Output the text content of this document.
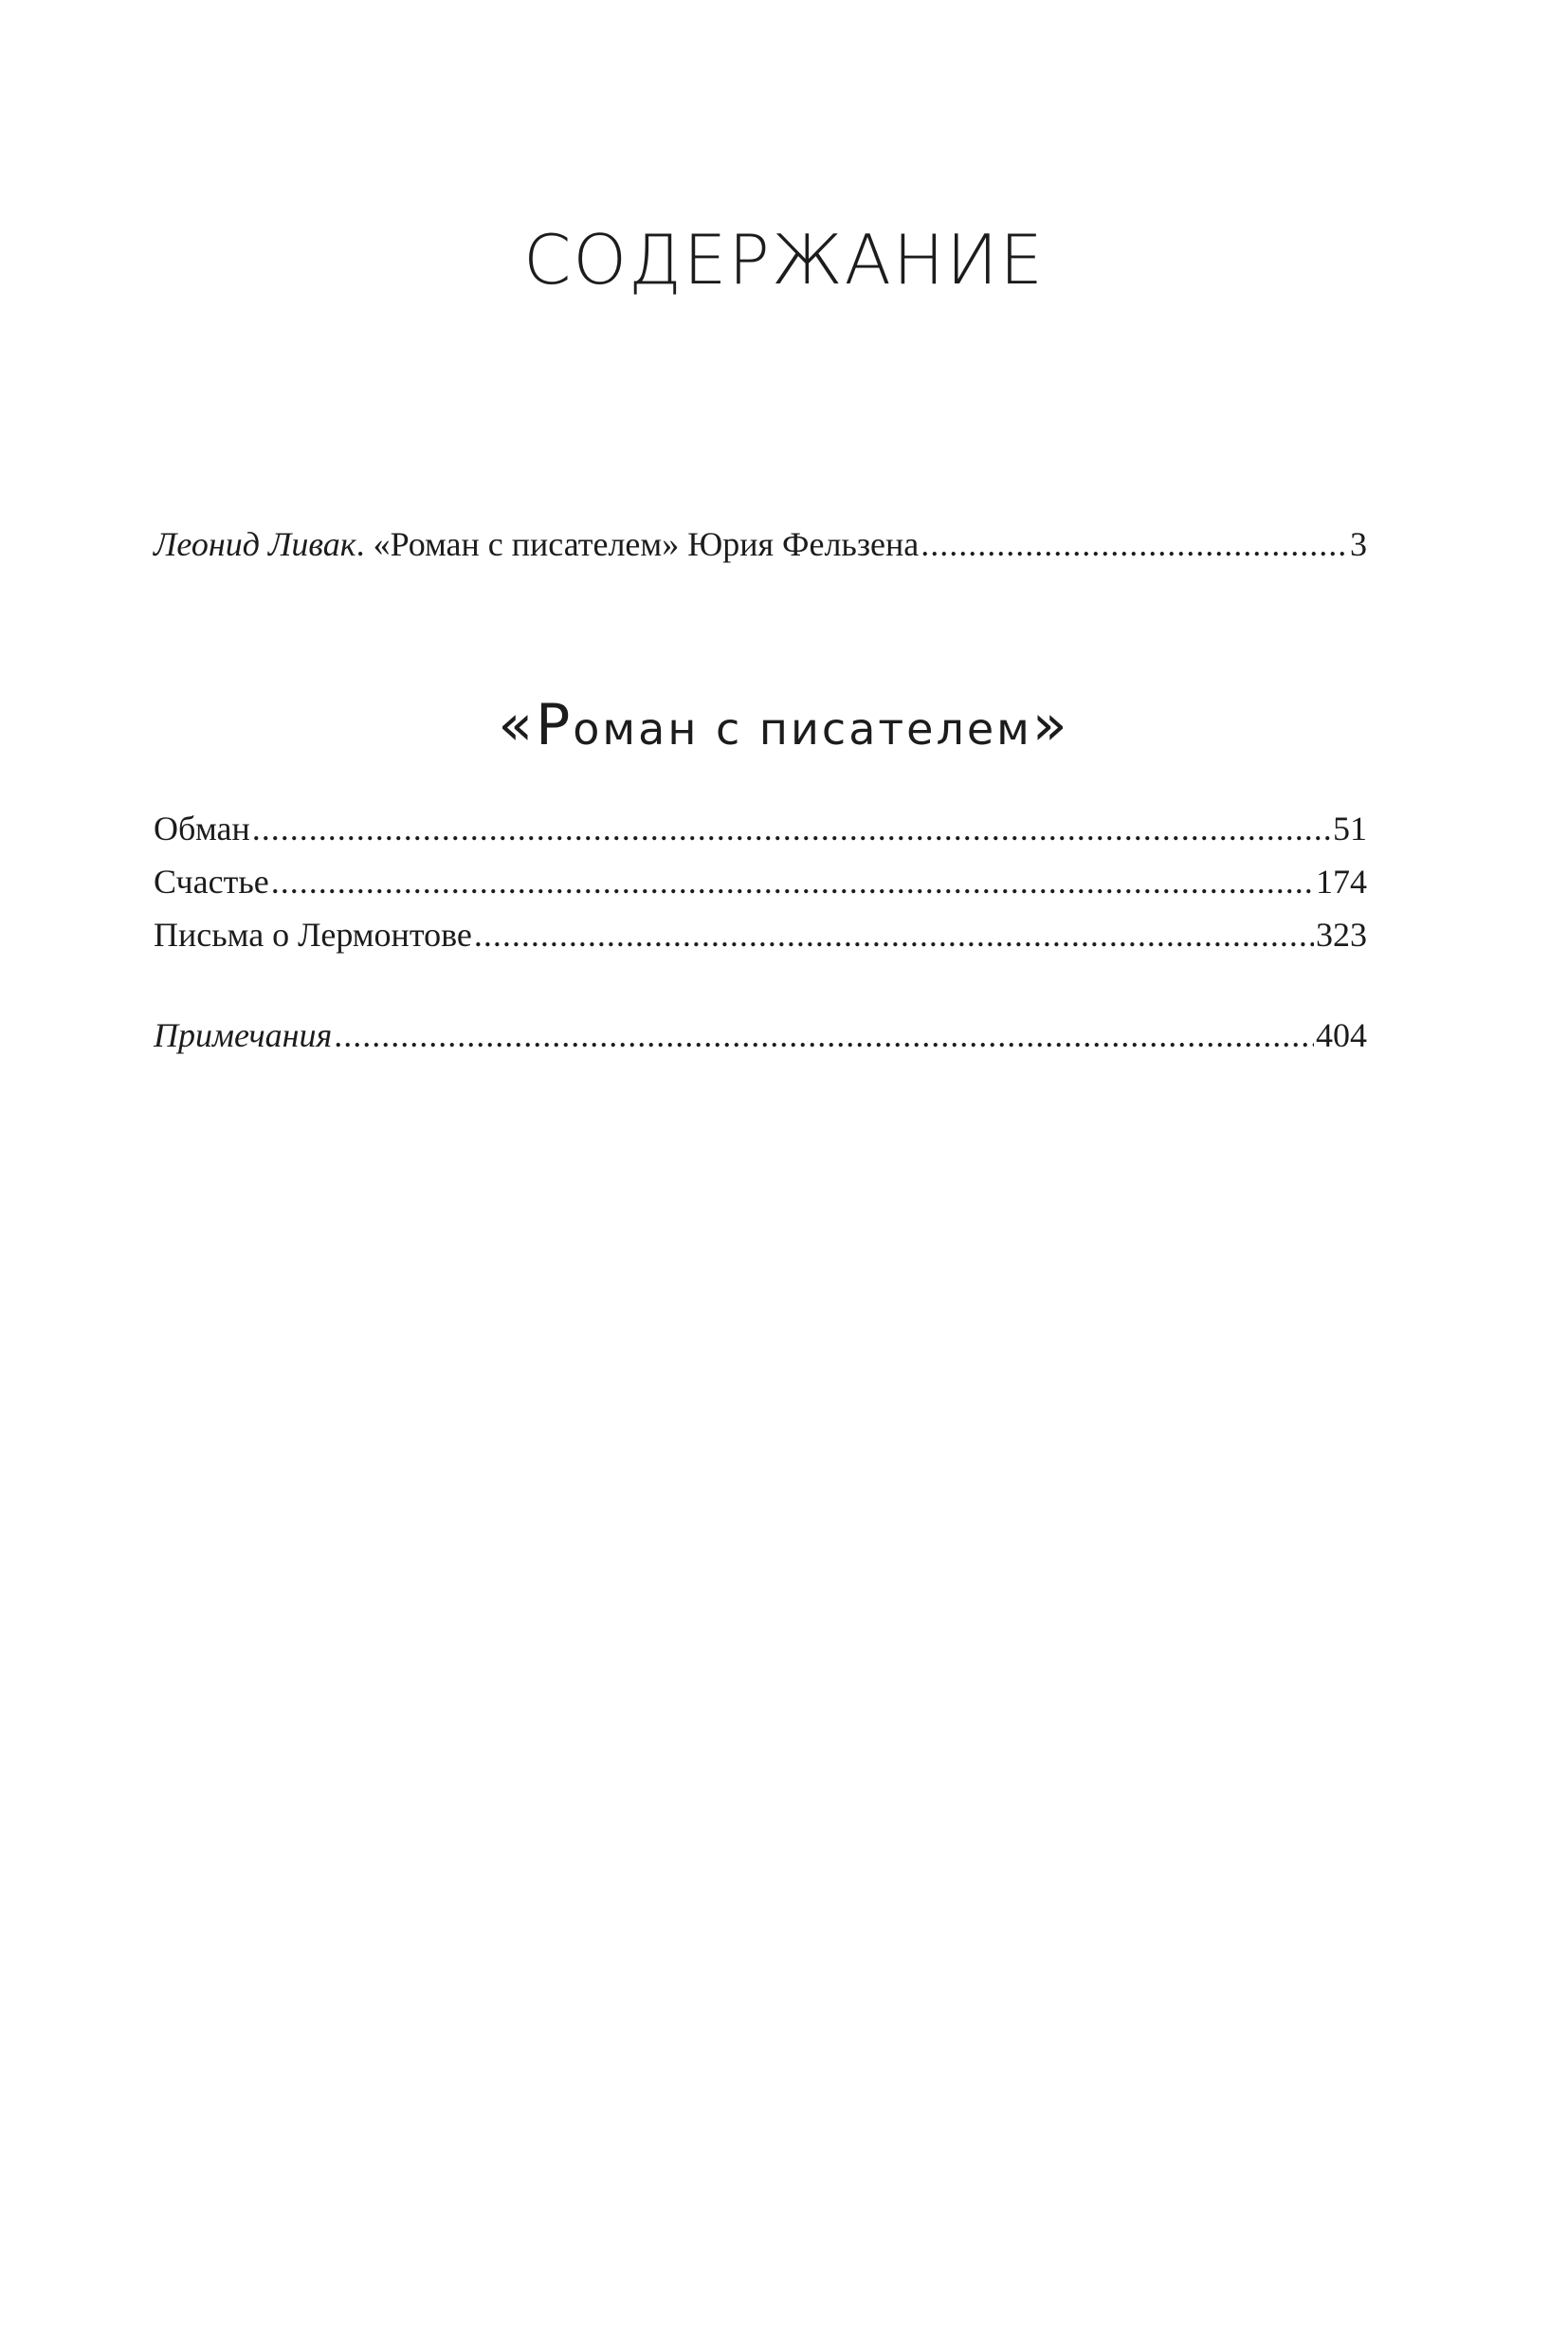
СОДЕРЖАНИЕ
Леонид Ливак. «Роман с писателем» Юрия Фельзена .....	3
«Роман с писателем»
Обман .....	51
Счастье .....	174
Письма о Лермонтове .....	323
Примечания .....	404
